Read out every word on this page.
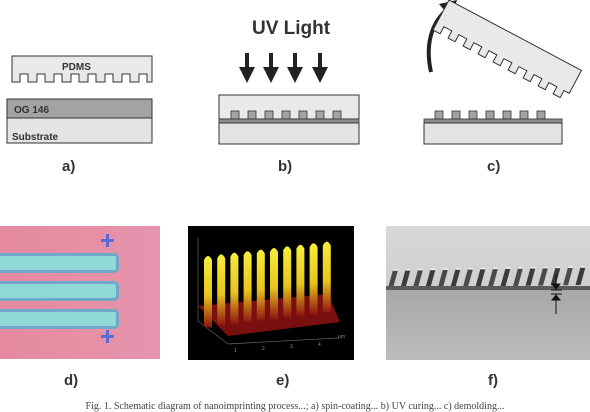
PDMS
OG 146
Substrate
a)
UV Light
b)	c)
d)
1	2	3	4
μm
e)	f)
Fig. 1. Schematic diagram of nanoimprinting process...; a) spin-coating... b) UV curing... c) demolding...
